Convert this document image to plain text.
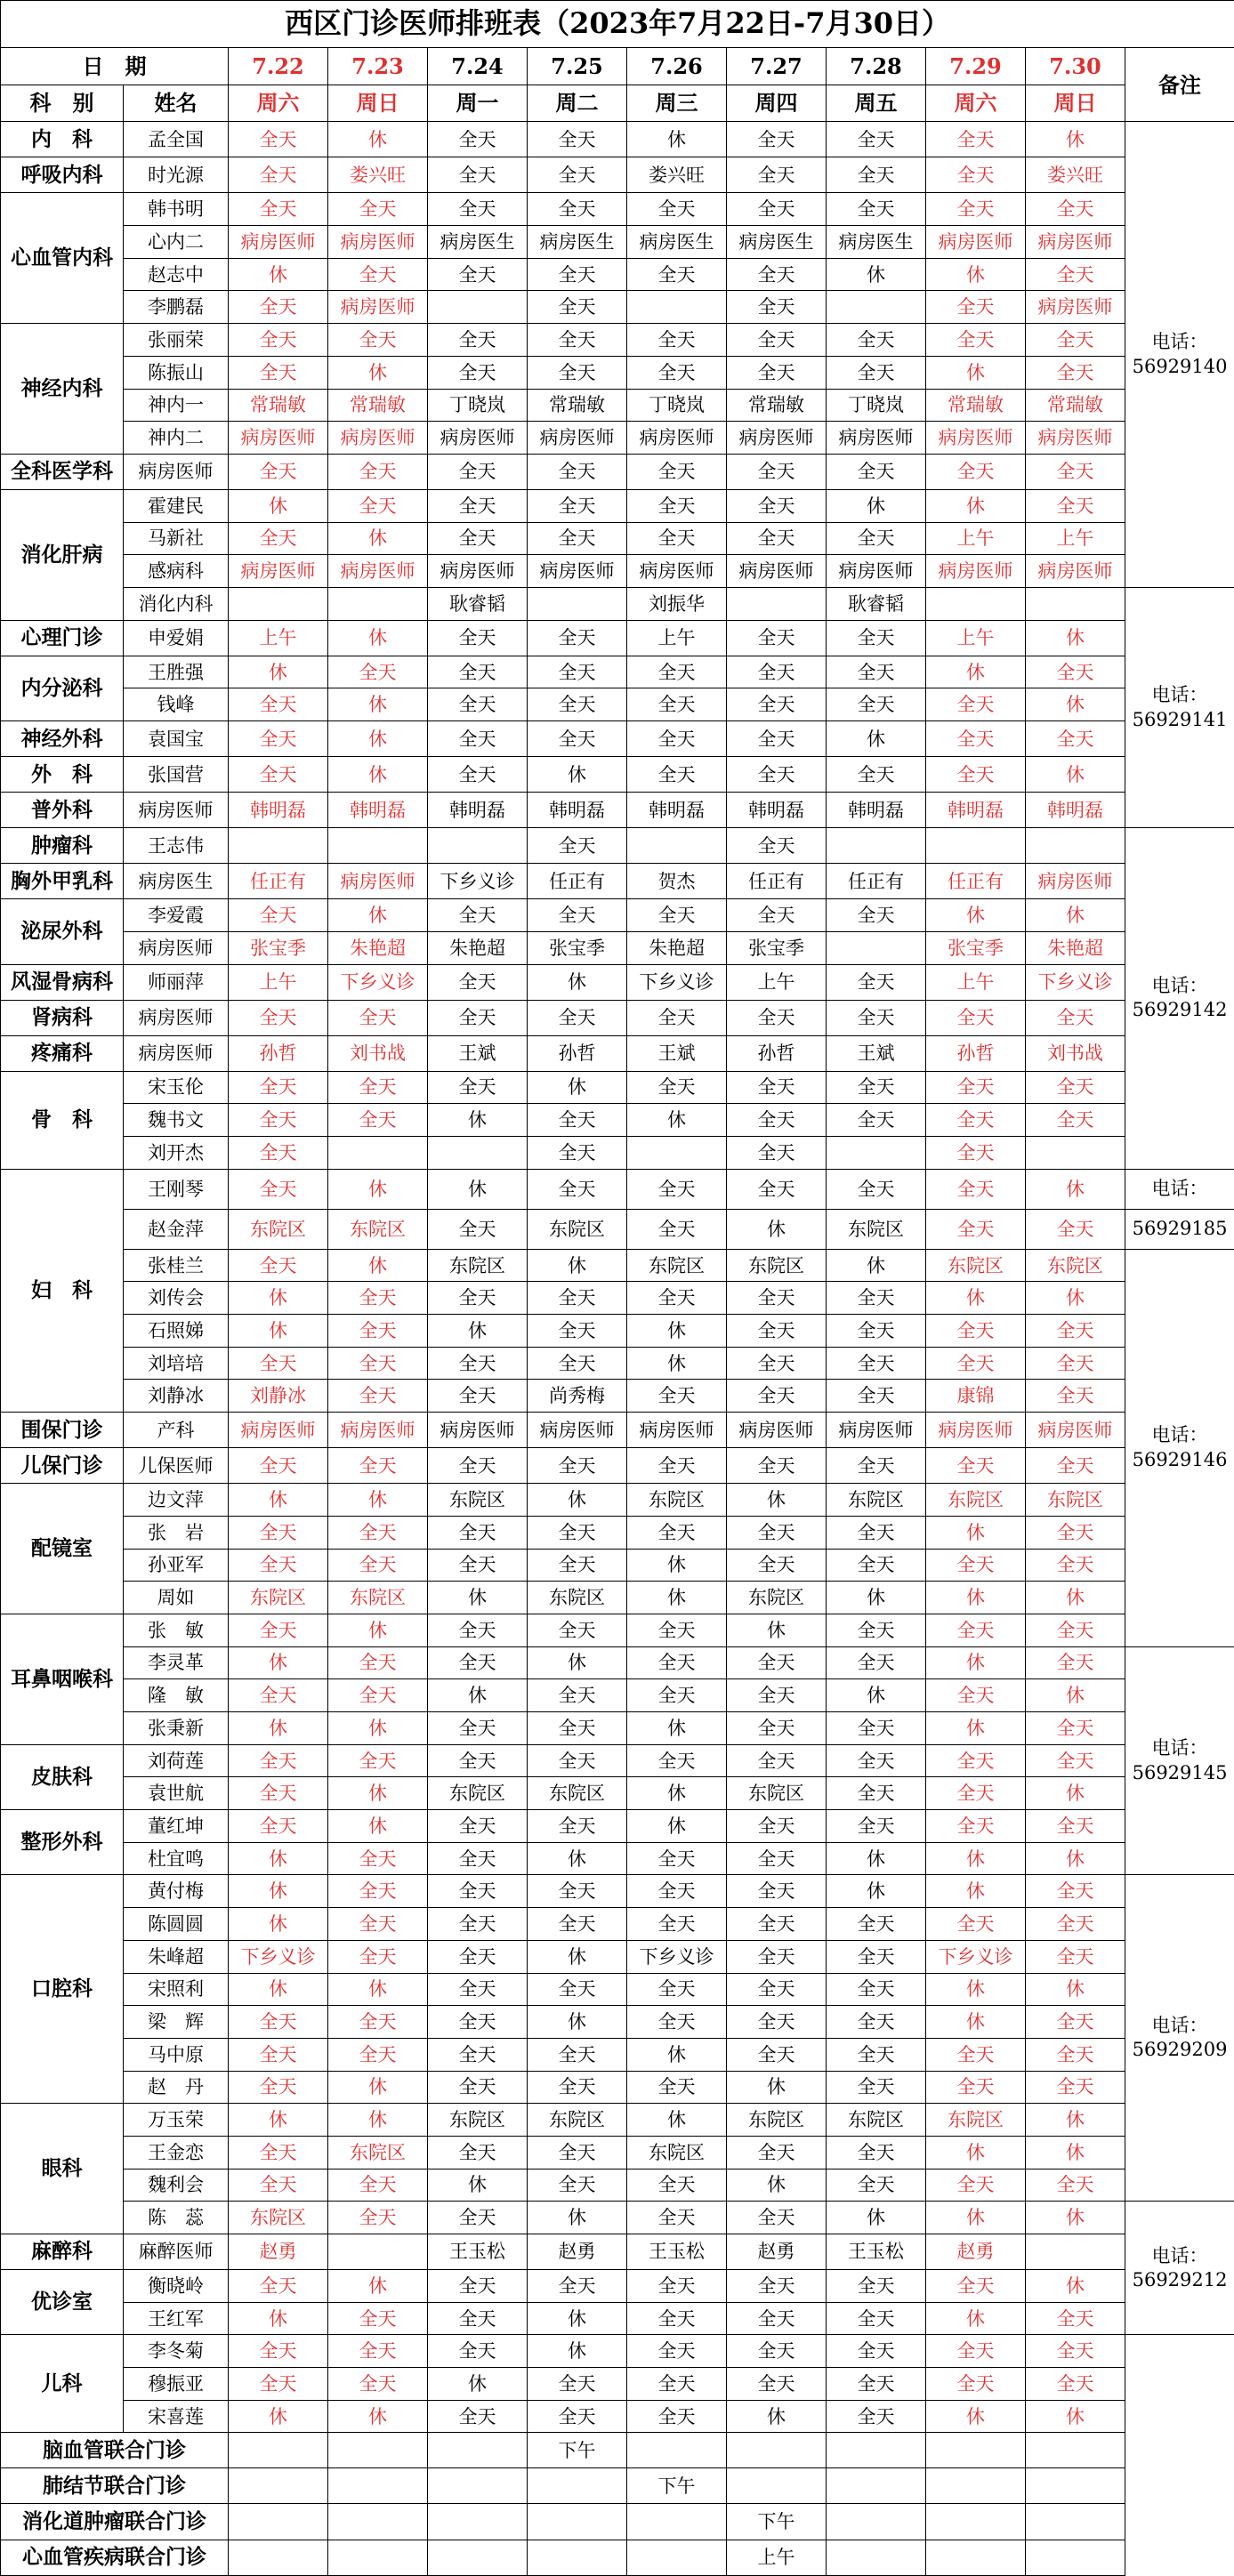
西区门诊医师排班表（2023年7月22日-7月30日）											
日　期		7.22	7.23	7.24	7.25	7.26	7.27	7.28	7.29	7.30	备注
科　别	姓名	周六	周日	周一	周二	周三	周四	周五	周六	周日	
内　科	孟全国	全天	休	全天	全天	休	全天	全天	全天	休	电话：56929140
呼吸内科	时光源	全天	娄兴旺	全天	全天	娄兴旺	全天	全天	全天	娄兴旺	
心血管内科	韩书明	全天	全天	全天	全天	全天	全天	全天	全天	全天	
	心内二	病房医师	病房医师	病房医生	病房医生	病房医生	病房医生	病房医生	病房医师	病房医师	
	赵志中	休	全天	全天	全天	全天	全天	休	休	全天	
	李鹏磊	全天	病房医师		全天		全天		全天	病房医师	
神经内科	张丽荣	全天	全天	全天	全天	全天	全天	全天	全天	全天	
	陈振山	全天	休	全天	全天	全天	全天	全天	休	全天	
	神内一	常瑞敏	常瑞敏	丁晓岚	常瑞敏	丁晓岚	常瑞敏	丁晓岚	常瑞敏	常瑞敏	
	神内二	病房医师	病房医师	病房医师	病房医师	病房医师	病房医师	病房医师	病房医师	病房医师	
全科医学科	病房医师	全天	全天	全天	全天	全天	全天	全天	全天	全天	
消化肝病	霍建民	休	全天	全天	全天	全天	全天	休	休	全天	
	马新社	全天	休	全天	全天	全天	全天	全天	上午	上午	
	感病科	病房医师	病房医师	病房医师	病房医师	病房医师	病房医师	病房医师	病房医师	病房医师	
	消化内科			耿睿韬		刘振华		耿睿韬			电话：56929141
心理门诊	申爱娟	上午	休	全天	全天	上午	全天	全天	上午	休	
内分泌科	王胜强	休	全天	全天	全天	全天	全天	全天	休	全天	
	钱峰	全天	休	全天	全天	全天	全天	全天	全天	休	
神经外科	袁国宝	全天	休	全天	全天	全天	全天	休	全天	全天	
外　科	张国营	全天	休	全天	休	全天	全天	全天	全天	休	
普外科	病房医师	韩明磊	韩明磊	韩明磊	韩明磊	韩明磊	韩明磊	韩明磊	韩明磊	韩明磊	
肿瘤科	王志伟				全天		全天				电话：56929142
胸外甲乳科	病房医生	任正有	病房医师	下乡义诊	任正有	贺杰	任正有	任正有	任正有	病房医师	
泌尿外科	李爱霞	全天	休	全天	全天	全天	全天	全天	休	休	
	病房医师	张宝季	朱艳超	朱艳超	张宝季	朱艳超	张宝季		张宝季	朱艳超	
风湿骨病科	师丽萍	上午	下乡义诊	全天	休	下乡义诊	上午	全天	上午	下乡义诊	
肾病科	病房医师	全天	全天	全天	全天	全天	全天	全天	全天	全天	
疼痛科	病房医师	孙哲	刘书战	王斌	孙哲	王斌	孙哲	王斌	孙哲	刘书战	
骨　科	宋玉伦	全天	全天	全天	休	全天	全天	全天	全天	全天	
	魏书文	全天	全天	休	全天	休	全天	全天	全天	全天	
	刘开杰	全天			全天		全天		全天		
妇　科	王刚琴	全天	休	休	全天	全天	全天	全天	全天	休	电话：
	赵金萍	东院区	东院区	全天	东院区	全天	休	东院区	全天	全天	56929185
	张桂兰	全天	休	东院区	休	东院区	东院区	休	东院区	东院区	电话：56929146
	刘传会	休	全天	全天	全天	全天	全天	全天	休	休	
	石照娣	休	全天	休	全天	休	全天	全天	全天	全天	
	刘培培	全天	全天	全天	全天	休	全天	全天	全天	全天	
	刘静冰	刘静冰	全天	全天	尚秀梅	全天	全天	全天	康锦	全天	
围保门诊	产科	病房医师	病房医师	病房医师	病房医师	病房医师	病房医师	病房医师	病房医师	病房医师	
儿保门诊	儿保医师	全天	全天	全天	全天	全天	全天	全天	全天	全天	
配镜室	边文萍	休	休	东院区	休	东院区	休	东院区	东院区	东院区	
	张　岩	全天	全天	全天	全天	全天	全天	全天	休	全天	
	孙亚军	全天	全天	全天	全天	休	全天	全天	全天	全天	
	周如	东院区	东院区	休	东院区	休	东院区	休	休	休	
耳鼻咽喉科	张　敏	全天	休	全天	全天	全天	休	全天	全天	全天	
	李灵革	休	全天	全天	休	全天	全天	全天	休	全天	电话：56929145
	隆　敏	全天	全天	休	全天	全天	全天	休	全天	休	
	张秉新	休	休	全天	全天	休	全天	全天	休	全天	
皮肤科	刘荷莲	全天	全天	全天	全天	全天	全天	全天	全天	全天	
	袁世航	全天	休	东院区	东院区	休	东院区	全天	全天	休	
整形外科	董红坤	全天	休	全天	全天	休	全天	全天	全天	全天	
	杜宜鸣	休	全天	全天	休	全天	全天	休	休	休	
口腔科	黄付梅	休	全天	全天	全天	全天	全天	休	休	全天	电话：56929209
	陈圆圆	休	全天	全天	全天	全天	全天	全天	全天	全天	
	朱峰超	下乡义诊	全天	全天	休	下乡义诊	全天	全天	下乡义诊	全天	
	宋照利	休	休	全天	全天	全天	全天	全天	休	休	
	梁　辉	全天	全天	全天	休	全天	全天	全天	休	全天	
	马中原	全天	全天	全天	全天	休	全天	全天	全天	全天	
	赵　丹	全天	休	全天	全天	全天	休	全天	全天	全天	
眼科	万玉荣	休	休	东院区	东院区	休	东院区	东院区	东院区	休	
	王金恋	全天	东院区	全天	全天	东院区	全天	全天	休	休	
	魏利会	全天	全天	休	全天	全天	休	全天	全天	全天	
	陈　蕊	东院区	全天	全天	休	全天	全天	休	休	休	电话：56929212
麻醉科	麻醉医师	赵勇		王玉松	赵勇	王玉松	赵勇	王玉松	赵勇		
优诊室	衡晓岭	全天	休	全天	全天	全天	全天	全天	全天	休	
	王红军	休	全天	全天	休	全天	全天	全天	休	全天	
儿科	李冬菊	全天	全天	全天	休	全天	全天	全天	全天	全天	
	穆振亚	全天	全天	休	全天	全天	全天	全天	全天	全天	
	宋喜莲	休	休	全天	全天	全天	休	全天	休	休	
脑血管联合门诊					下午						
肺结节联合门诊						下午					
消化道肿瘤联合门诊							下午				
心血管疾病联合门诊							上午				
